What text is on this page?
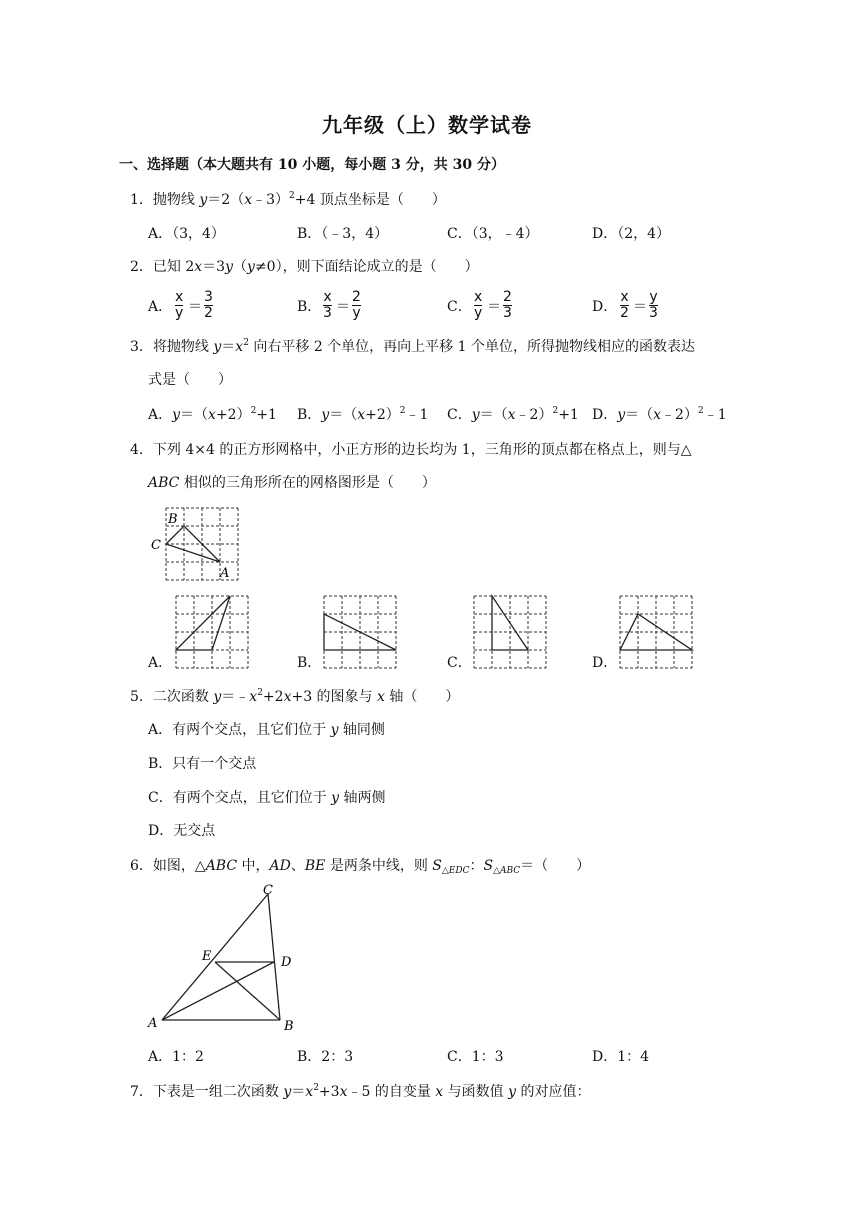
九年级（上）数学试卷
一、选择题（本大题共有 10 小题，每小题 3 分，共 30 分）
1．抛物线 y＝2（x﹣3）$^2$+4 顶点坐标是（　　）
A．（3，4）	B．（﹣3，4）	C．（3，﹣4）	D．（2，4）
2．已知 2x＝3y（y≠0），则下面结论成立的是（　　）
A． $\frac{x}{y} = \frac{3}{2}$	B． $\frac{x}{3} = \frac{2}{y}$	C． $\frac{x}{y} = \frac{2}{3}$	D． $\frac{x}{2} = \frac{y}{3}$
3．将抛物线 $y=x^2$ 向右平移 2 个单位，再向上平移 1 个单位，所得抛物线相应的函数表达
式是（　　）
A．$y=(x+2)^2+1$ B．$y=(x+2)^2﹣1$ C．y＝（x﹣2）$^2$+1 D．y＝（x﹣2）$^2$﹣1
4．下列 4×4 的正方形网格中，小正方形的边长均为 1，三角形的顶点都在格点上，则与△
ABC 相似的三角形所在的网格图形是（　　）
B
C
A
A．	B．	C．	D．
5．二次函数 $y=﹣x^2+2x+3$ 的图象与 x 轴（　　）
A．有两个交点，且它们位于 y 轴同侧
B．只有一个交点
C．有两个交点，且它们位于 y 轴两侧
D．无交点
6．如图，△ABC 中，AD、BE 是两条中线，则 $S_{\triangle EDC}$：$S_{\triangle ABC}=$（　　）
C
E	D
A	B
A．1：2	B．2：3	C．1：3	D．1：4
7．下表是一组二次函数 $y=x^2+3x﹣5$ 的自变量 x 与函数值 y 的对应值：
